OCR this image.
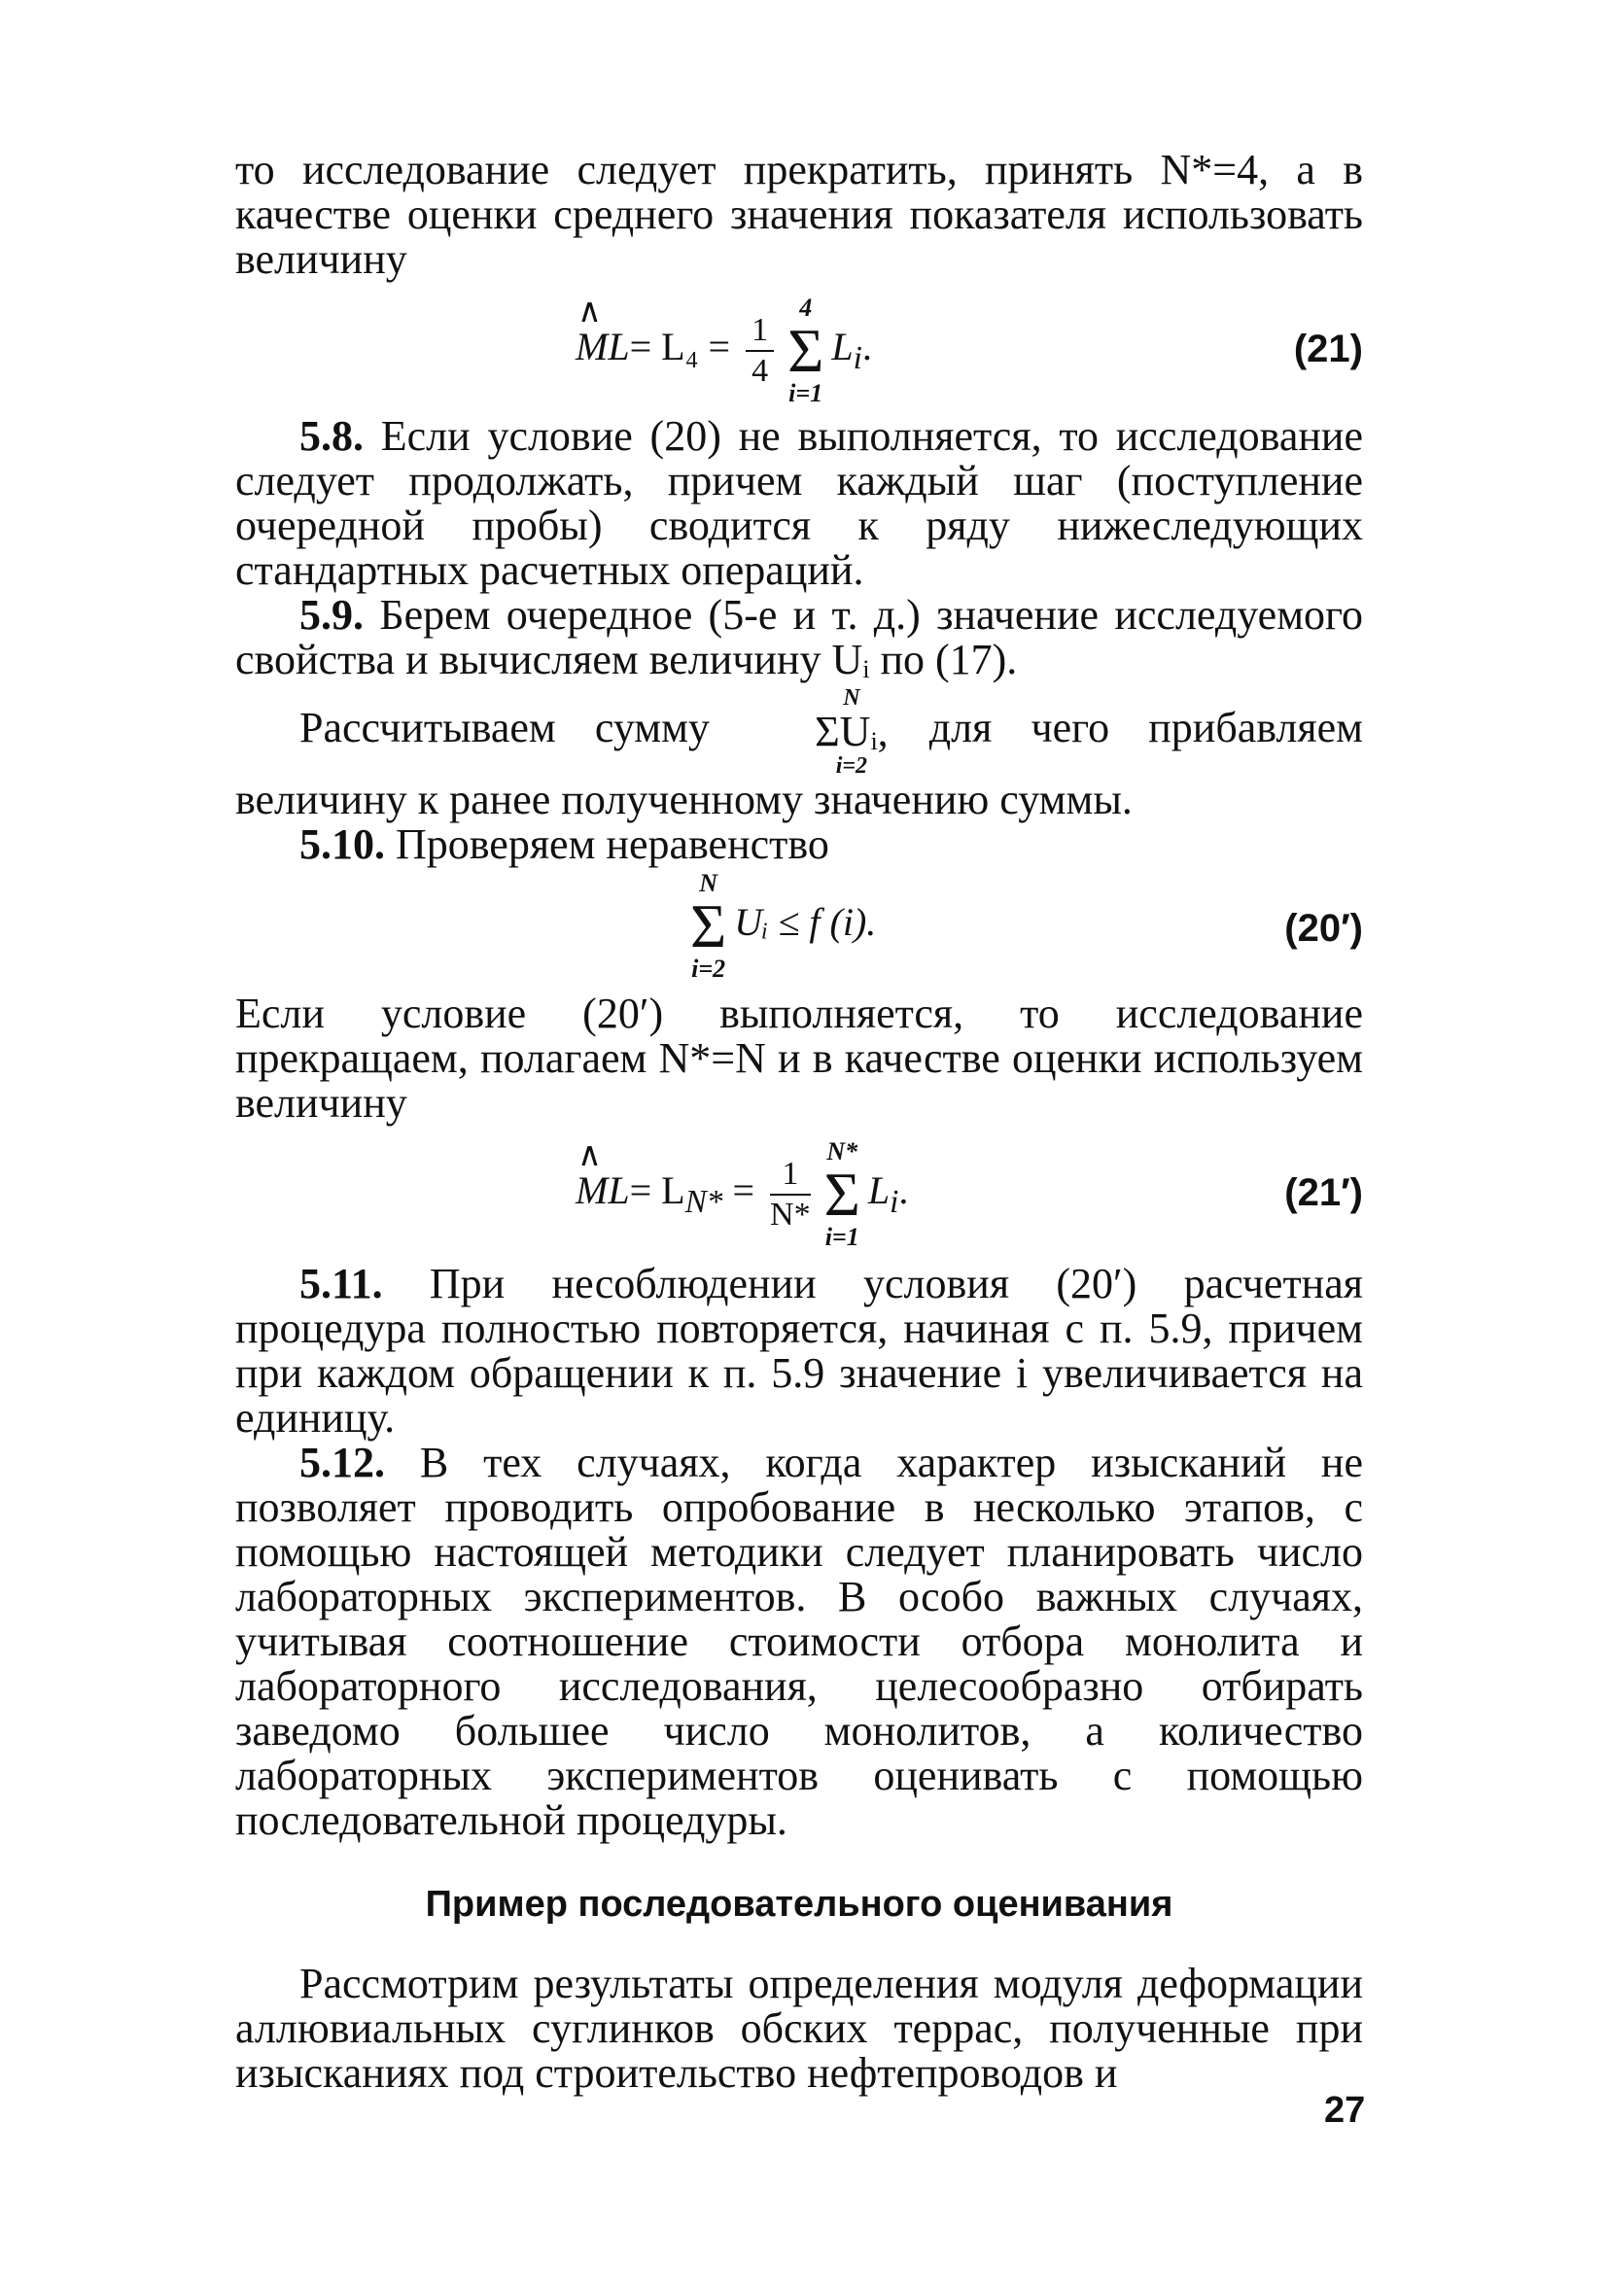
то исследование следует прекратить, принять N*=4, а в качестве оценки среднего значения показателя использовать величину

∧
$ML= L_4 = \frac{1}{4}$
4
Σ
i=1
$L_i$.	(21)

5.8. Если условие (20) не выполняется, то исследование следует продолжать, причем каждый шаг (поступление очередной пробы) сводится к ряду нижеследующих стандартных расчетных операций.

5.9. Берем очередное (5-е и т. д.) значение исследуемого свойства и вычисляем величину Uᵢ по (17).

Рассчитываем сумму
N
ΣUᵢ,
i=2
для чего прибавляем величину к ранее полученному значению суммы.

5.10. Проверяем неравенство

N
Σ
i=2
Uᵢ ≤ f (i).	(20′)

Если условие (20′) выполняется, то исследование прекращаем, полагаем N*=N и в качестве оценки используем величину

∧
$ML= L_{N*} = \frac{1}{N*}$
N*
Σ
i=1
$L_i$.	(21′)

5.11. При несоблюдении условия (20′) расчетная процедура полностью повторяется, начиная с п. 5.9, причем при каждом обращении к п. 5.9 значение i увеличивается на единицу.

5.12. В тех случаях, когда характер изысканий не позволяет проводить опробование в несколько этапов, с помощью настоящей методики следует планировать число лабораторных экспериментов. В особо важных случаях, учитывая соотношение стоимости отбора монолита и лабораторного исследования, целесообразно отбирать заведомо большее число монолитов, а количество лабораторных экспериментов оценивать с помощью последовательной процедуры.

Пример последовательного оценивания

Рассмотрим результаты определения модуля деформации аллювиальных суглинков обских террас, полученные при изысканиях под строительство нефтепроводов и

27
